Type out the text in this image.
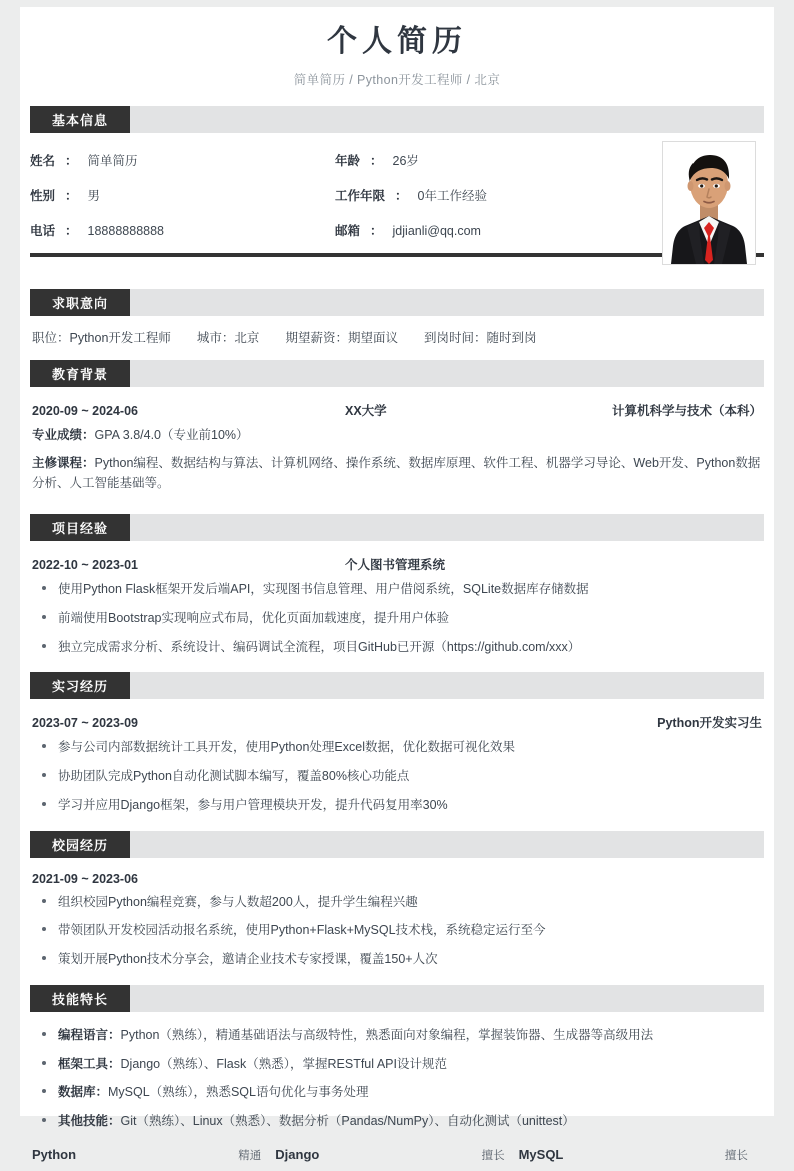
个人简历
简单简历 / Python开发工程师 / 北京
基本信息
姓名 ： 简单简历	年龄 ： 26岁
性别 ： 男	工作年限 ： 0年工作经验
电话 ： 18888888888	邮箱 ： jdjianli@qq.com
求职意向
职位：Python开发工程师 城市：北京 期望薪资：期望面议 到岗时间：随时到岗
教育背景
2020-09 ~ 2024-06	XX大学	计算机科学与技术（本科）
专业成绩：GPA 3.8/4.0（专业前10%）
主修课程：Python编程、数据结构与算法、计算机网络、操作系统、数据库原理、软件工程、机器学习导论、Web开发、Python数据分析、人工智能基础等。
项目经验
2022-10 ~ 2023-01	个人图书管理系统
使用Python Flask框架开发后端API，实现图书信息管理、用户借阅系统，SQLite数据库存储数据
前端使用Bootstrap实现响应式布局，优化页面加载速度，提升用户体验
独立完成需求分析、系统设计、编码调试全流程，项目GitHub已开源（https://github.com/xxx）
实习经历
2023-07 ~ 2023-09	Python开发实习生
参与公司内部数据统计工具开发，使用Python处理Excel数据，优化数据可视化效果
协助团队完成Python自动化测试脚本编写，覆盖80%核心功能点
学习并应用Django框架，参与用户管理模块开发，提升代码复用率30%
校园经历
2021-09 ~ 2023-06
组织校园Python编程竞赛，参与人数超200人，提升学生编程兴趣
带领团队开发校园活动报名系统，使用Python+Flask+MySQL技术栈，系统稳定运行至今
策划开展Python技术分享会，邀请企业技术专家授课，覆盖150+人次
技能特长
编程语言：Python（熟练），精通基础语法与高级特性，熟悉面向对象编程，掌握装饰器、生成器等高级用法
框架工具：Django（熟练）、Flask（熟悉），掌握RESTful API设计规范
数据库：MySQL（熟练），熟悉SQL语句优化与事务处理
其他技能：Git（熟练）、Linux（熟悉）、数据分析（Pandas/NumPy）、自动化测试（unittest）
Python	精通	Django	擅长	MySQL	擅长
